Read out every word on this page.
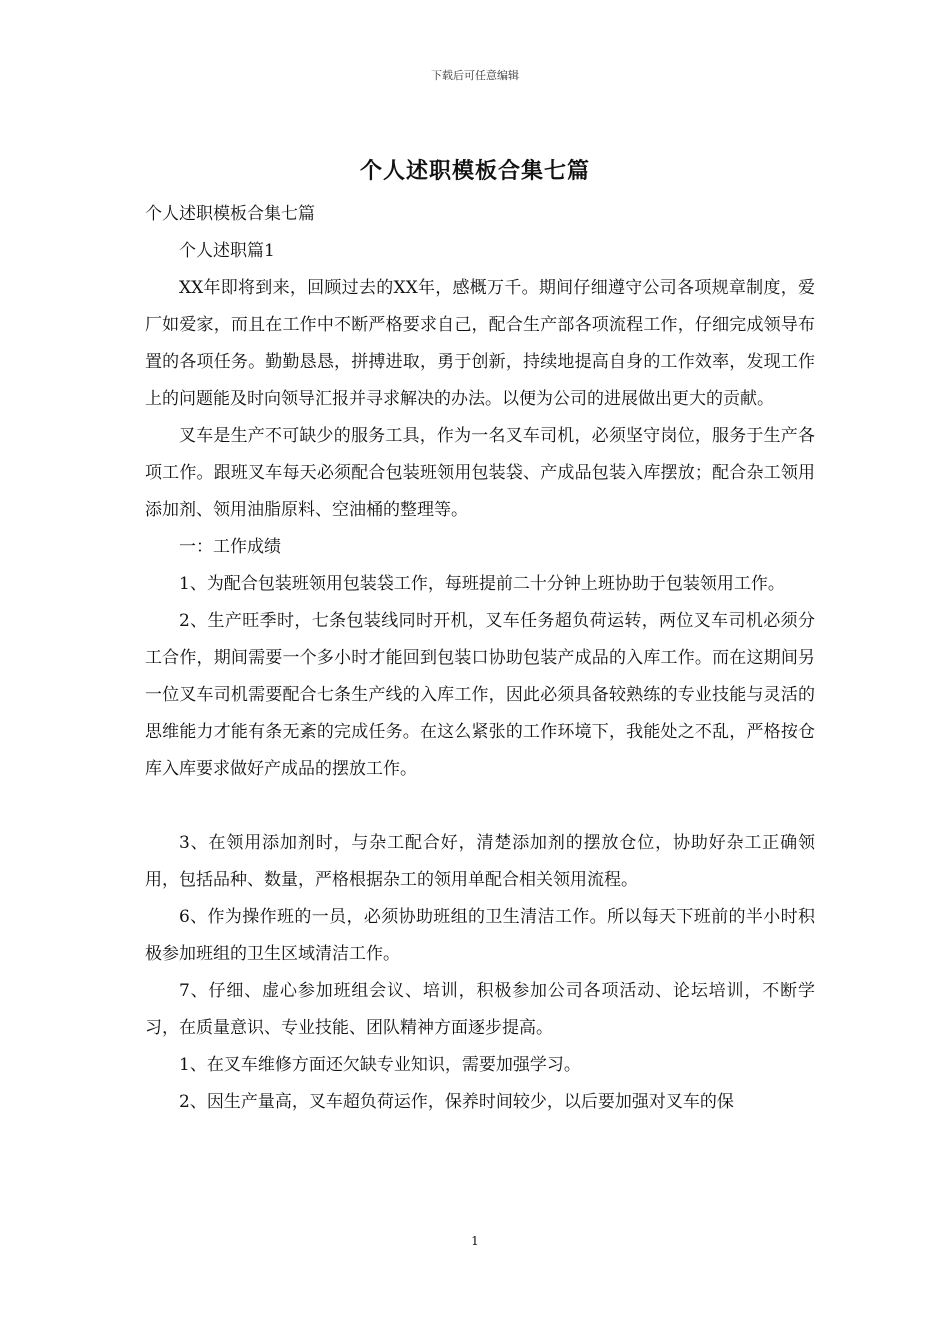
下载后可任意编辑
个人述职模板合集七篇

个人述职模板合集七篇

个人述职篇1

XX年即将到来，回顾过去的XX年，感概万千。期间仔细遵守公司各项规章制度，爱厂如爱家，而且在工作中不断严格要求自己，配合生产部各项流程工作，仔细完成领导布置的各项任务。勤勤恳恳，拼搏进取，勇于创新，持续地提高自身的工作效率，发现工作上的问题能及时向领导汇报并寻求解决的办法。以便为公司的进展做出更大的贡献。

叉车是生产不可缺少的服务工具，作为一名叉车司机，必须坚守岗位，服务于生产各项工作。跟班叉车每天必须配合包装班领用包装袋、产成品包装入库摆放；配合杂工领用添加剂、领用油脂原料、空油桶的整理等。

一：工作成绩

1、为配合包装班领用包装袋工作，每班提前二十分钟上班协助于包装领用工作。

2、生产旺季时，七条包装线同时开机，叉车任务超负荷运转，两位叉车司机必须分工合作，期间需要一个多小时才能回到包装口协助包装产成品的入库工作。而在这期间另一位叉车司机需要配合七条生产线的入库工作，因此必须具备较熟练的专业技能与灵活的思维能力才能有条无紊的完成任务。在这么紧张的工作环境下，我能处之不乱，严格按仓库入库要求做好产成品的摆放工作。

3、在领用添加剂时，与杂工配合好，清楚添加剂的摆放仓位，协助好杂工正确领用，包括品种、数量，严格根据杂工的领用单配合相关领用流程。

6、作为操作班的一员，必须协助班组的卫生清洁工作。所以每天下班前的半小时积极参加班组的卫生区域清洁工作。

7、仔细、虚心参加班组会议、培训，积极参加公司各项活动、论坛培训，不断学习，在质量意识、专业技能、团队精神方面逐步提高。

1、在叉车维修方面还欠缺专业知识，需要加强学习。

2、因生产量高，叉车超负荷运作，保养时间较少，以后要加强对叉车的保

1
